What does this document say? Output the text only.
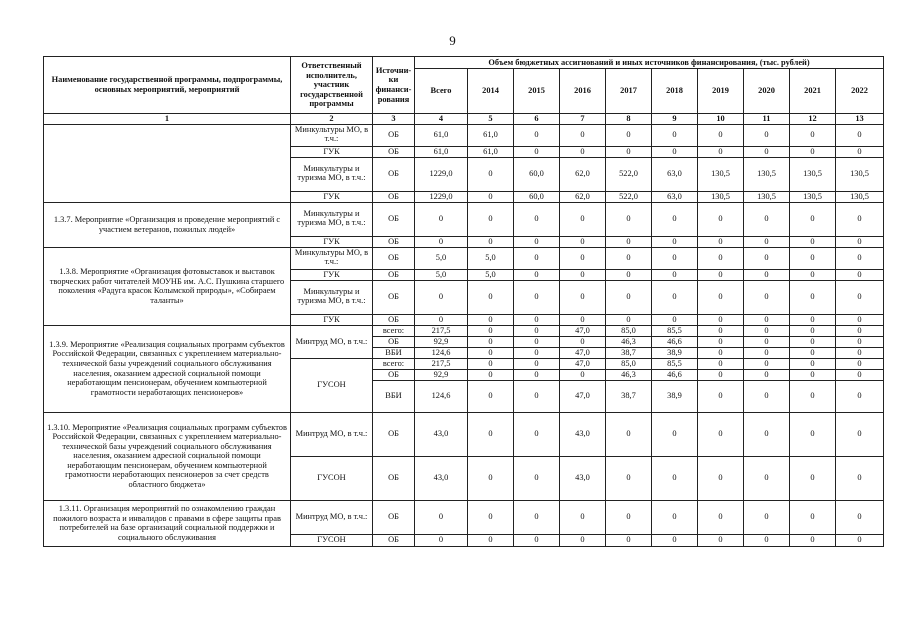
9
Наименование государственной программы, подпрограммы, основных мероприятий, мероприятий	Ответственный исполнитель, участник государственной программы	Источни-ки финанси-рования	Объем бюджетных ассигнований и иных источников финансирования, (тыс. рублей)									
			Всего	2014	2015	2016	2017	2018	2019	2020	2021	2022
1	2	3	4	5	6	7	8	9	10	11	12	13
	Минкультуры МО, в т.ч.:	ОБ	61,0	61,0	0	0	0	0	0	0	0	0
	ГУК	ОБ	61,0	61,0	0	0	0	0	0	0	0	0
	Минкультуры и туризма МО, в т.ч.:	ОБ	1229,0	0	60,0	62,0	522,0	63,0	130,5	130,5	130,5	130,5
	ГУК	ОБ	1229,0	0	60,0	62,0	522,0	63,0	130,5	130,5	130,5	130,5
1.3.7. Мероприятие «Организация и проведение мероприятий с участием ветеранов, пожилых людей»	Минкультуры и туризма МО, в т.ч.:	ОБ	0	0	0	0	0	0	0	0	0	0
	ГУК	ОБ	0	0	0	0	0	0	0	0	0	0
1.3.8. Мероприятие «Организация фотовыставок и выставок творческих работ читателей МОУНБ им. А.С. Пушкина старшего поколения «Радуга красок Колымской природы», «Собираем таланты»	Минкультуры МО, в т.ч.:	ОБ	5,0	5,0	0	0	0	0	0	0	0	0
	ГУК	ОБ	5,0	5,0	0	0	0	0	0	0	0	0
	Минкультуры и туризма МО, в т.ч.:	ОБ	0	0	0	0	0	0	0	0	0	0
	ГУК	ОБ	0	0	0	0	0	0	0	0	0	0
1.3.9. Мероприятие «Реализация социальных программ субъектов Российской Федерации, связанных с укреплением материально-технической базы учреждений социального обслуживания населения, оказанием адресной социальной помощи неработающим пенсионерам, обучением компьютерной грамотности неработающих пенсионеров»	Минтруд МО, в т.ч.:	всего:	217,5	0	0	47,0	85,0	85,5	0	0	0	0
		ОБ	92,9	0	0	0	46,3	46,6	0	0	0	0
		ВБИ	124,6	0	0	47,0	38,7	38,9	0	0	0	0
	ГУСОН	всего:	217,5	0	0	47,0	85,0	85,5	0	0	0	0
		ОБ	92,9	0	0	0	46,3	46,6	0	0	0	0
		ВБИ	124,6	0	0	47,0	38,7	38,9	0	0	0	0
1.3.10. Мероприятие «Реализация социальных программ субъектов Российской Федерации, связанных с укреплением материально-технической базы учреждений социального обслуживания населения, оказанием адресной социальной помощи неработающим пенсионерам, обучением компьютерной грамотности неработающих пенсионеров за счет средств областного бюджета»	Минтруд МО, в т.ч.:	ОБ	43,0	0	0	43,0	0	0	0	0	0	0
	ГУСОН	ОБ	43,0	0	0	43,0	0	0	0	0	0	0
1.3.11. Организация мероприятий по ознакомлению граждан пожилого возраста и инвалидов с правами в сфере защиты прав потребителей на базе организаций социальной поддержки и социального обслуживания	Минтруд МО, в т.ч.:	ОБ	0	0	0	0	0	0	0	0	0	0
	ГУСОН	ОБ	0	0	0	0	0	0	0	0	0	0
